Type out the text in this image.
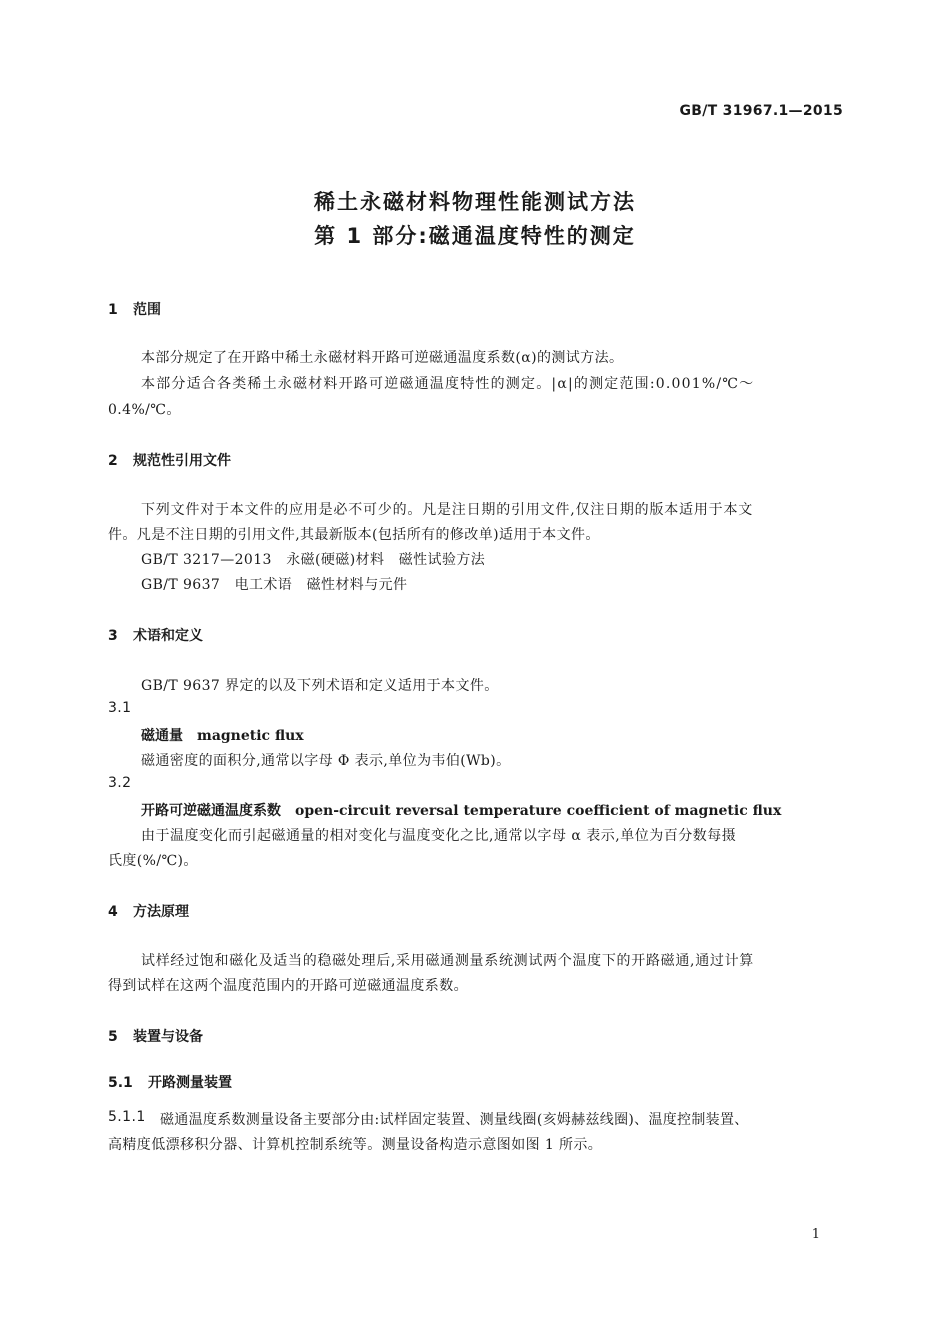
GB/T 31967.1—2015
稀土永磁材料物理性能测试方法
第 1 部分:磁通温度特性的测定
1 范围
本部分规定了在开路中稀土永磁材料开路可逆磁通温度系数(α)的测试方法。
本部分适合各类稀土永磁材料开路可逆磁通温度特性的测定。|α|的测定范围:0.001%/℃～
0.4%/℃。
2 规范性引用文件
下列文件对于本文件的应用是必不可少的。凡是注日期的引用文件,仅注日期的版本适用于本文
件。凡是不注日期的引用文件,其最新版本(包括所有的修改单)适用于本文件。
GB/T 3217—2013　永磁(硬磁)材料　磁性试验方法
GB/T 9637　电工术语　磁性材料与元件
3 术语和定义
GB/T 9637 界定的以及下列术语和定义适用于本文件。
3.1
磁通量　magnetic flux
磁通密度的面积分,通常以字母 Φ 表示,单位为韦伯(Wb)。
3.2
开路可逆磁通温度系数　open-circuit reversal temperature coefficient of magnetic flux
由于温度变化而引起磁通量的相对变化与温度变化之比,通常以字母 α 表示,单位为百分数每摄
氏度(%/℃)。
4 方法原理
试样经过饱和磁化及适当的稳磁处理后,采用磁通测量系统测试两个温度下的开路磁通,通过计算
得到试样在这两个温度范围内的开路可逆磁通温度系数。
5 装置与设备
5.1 开路测量装置
5.1.1 磁通温度系数测量设备主要部分由:试样固定装置、测量线圈(亥姆赫兹线圈)、温度控制装置、
高精度低漂移积分器、计算机控制系统等。测量设备构造示意图如图 1 所示。
1
